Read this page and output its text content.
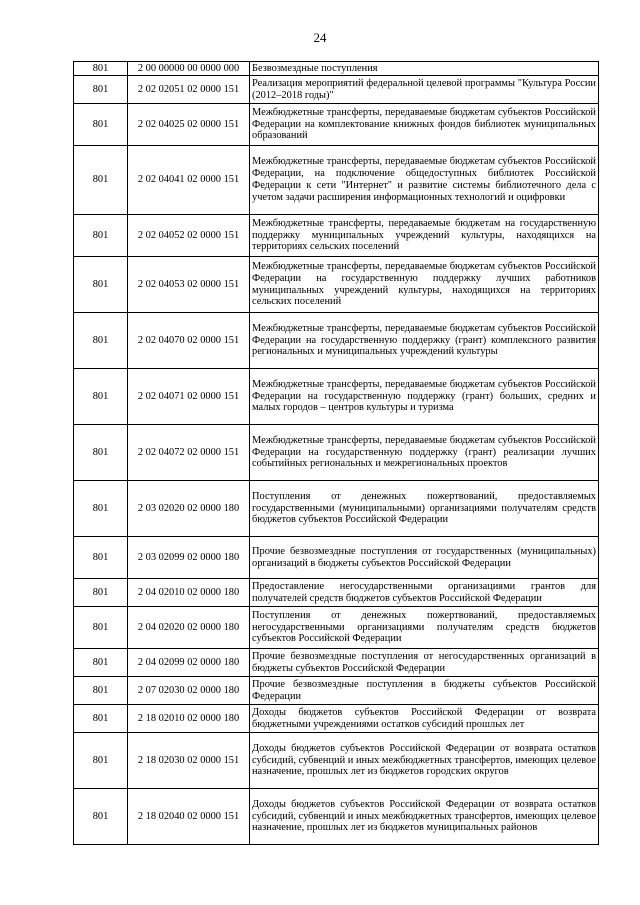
24
801	2 00 00000 00 0000 000	Безвозмездные поступления
801	2 02 02051 02 0000 151	Реализация мероприятий федеральной целевой программы "Культура России (2012–2018 годы)"
801	2 02 04025 02 0000 151	Межбюджетные трансферты, передаваемые бюджетам субъектов Российской Федерации на комплектование книжных фондов библиотек муниципальных образований
801	2 02 04041 02 0000 151	Межбюджетные трансферты, передаваемые бюджетам субъектов Российской Федерации, на подключение общедоступных библиотек Российской Федерации к сети "Интернет" и развитие системы библиотечного дела с учетом задачи расширения информационных технологий и оцифровки
801	2 02 04052 02 0000 151	Межбюджетные трансферты, передаваемые бюджетам на государственную поддержку муниципальных учреждений культуры, находящихся на территориях сельских поселений
801	2 02 04053 02 0000 151	Межбюджетные трансферты, передаваемые бюджетам субъектов Российской Федерации на государственную поддержку лучших работников муниципальных учреждений культуры, находящихся на территориях сельских поселений
801	2 02 04070 02 0000 151	Межбюджетные трансферты, передаваемые бюджетам субъектов Российской Федерации на государственную поддержку (грант) комплексного развития региональных и муниципальных учреждений культуры
801	2 02 04071 02 0000 151	Межбюджетные трансферты, передаваемые бюджетам субъектов Российской Федерации на государственную поддержку (грант) больших, средних и малых городов – центров культуры и туризма
801	2 02 04072 02 0000 151	Межбюджетные трансферты, передаваемые бюджетам субъектов Российской Федерации на государственную поддержку (грант) реализации лучших событийных региональных и межрегиональных проектов
801	2 03 02020 02 0000 180	Поступления от денежных пожертвований, предоставляемых государственными (муниципальными) организациями получателям средств бюджетов субъектов Российской Федерации
801	2 03 02099 02 0000 180	Прочие безвозмездные поступления от государственных (муниципальных) организаций в бюджеты субъектов Российской Федерации
801	2 04 02010 02 0000 180	Предоставление негосударственными организациями грантов для получателей средств бюджетов субъектов Российской Федерации
801	2 04 02020 02 0000 180	Поступления от денежных пожертвований, предоставляемых негосударственными организациями получателям средств бюджетов субъектов Российской Федерации
801	2 04 02099 02 0000 180	Прочие безвозмездные поступления от негосударственных организаций в бюджеты субъектов Российской Федерации
801	2 07 02030 02 0000 180	Прочие безвозмездные поступления в бюджеты субъектов Российской Федерации
801	2 18 02010 02 0000 180	Доходы бюджетов субъектов Российской Федерации от возврата бюджетными учреждениями остатков субсидий прошлых лет
801	2 18 02030 02 0000 151	Доходы бюджетов субъектов Российской Федерации от возврата остатков субсидий, субвенций и иных межбюджетных трансфертов, имеющих целевое назначение, прошлых лет из бюджетов городских округов
801	2 18 02040 02 0000 151	Доходы бюджетов субъектов Российской Федерации от возврата остатков субсидий, субвенций и иных межбюджетных трансфертов, имеющих целевое назначение, прошлых лет из бюджетов муниципальных районов
